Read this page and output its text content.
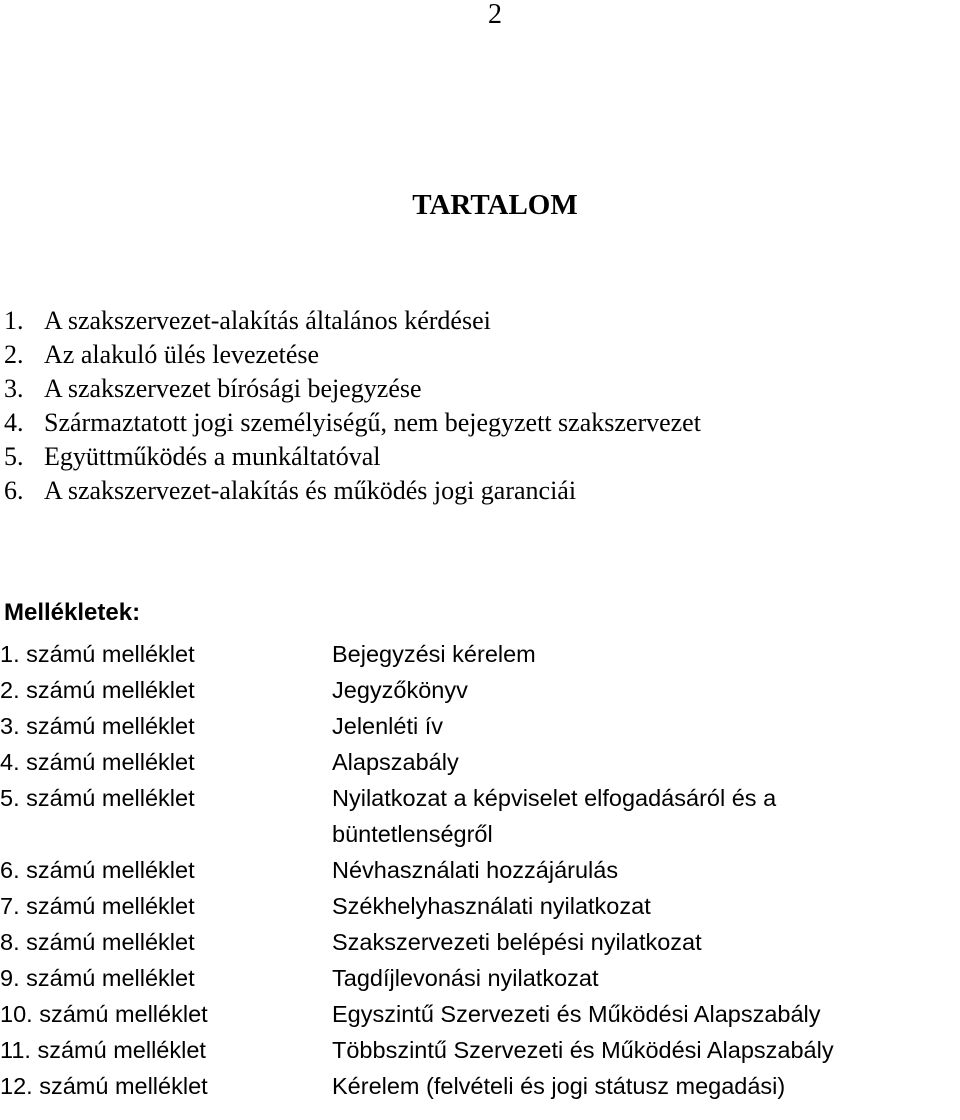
2
TARTALOM
1. A szakszervezet-alakítás általános kérdései
2. Az alakuló ülés levezetése
3. A szakszervezet bírósági bejegyzése
4. Származtatott jogi személyiségű, nem bejegyzett szakszervezet
5. Együttműködés a munkáltatóval
6. A szakszervezet-alakítás és működés jogi garanciái
Mellékletek:
1. számú melléklet	Bejegyzési kérelem
2. számú melléklet	Jegyzőkönyv
3. számú melléklet	Jelenléti ív
4. számú melléklet	Alapszabály
5. számú melléklet	Nyilatkozat a képviselet elfogadásáról és a büntetlenségről
6. számú melléklet	Névhasználati hozzájárulás
7. számú melléklet	Székhelyhasználati nyilatkozat
8. számú melléklet	Szakszervezeti belépési nyilatkozat
9. számú melléklet	Tagdíjlevonási nyilatkozat
10. számú melléklet	Egyszintű Szervezeti és Működési Alapszabály
11. számú melléklet	Többszintű Szervezeti és Működési Alapszabály
12. számú melléklet	Kérelem (felvételi és jogi státusz megadási)
